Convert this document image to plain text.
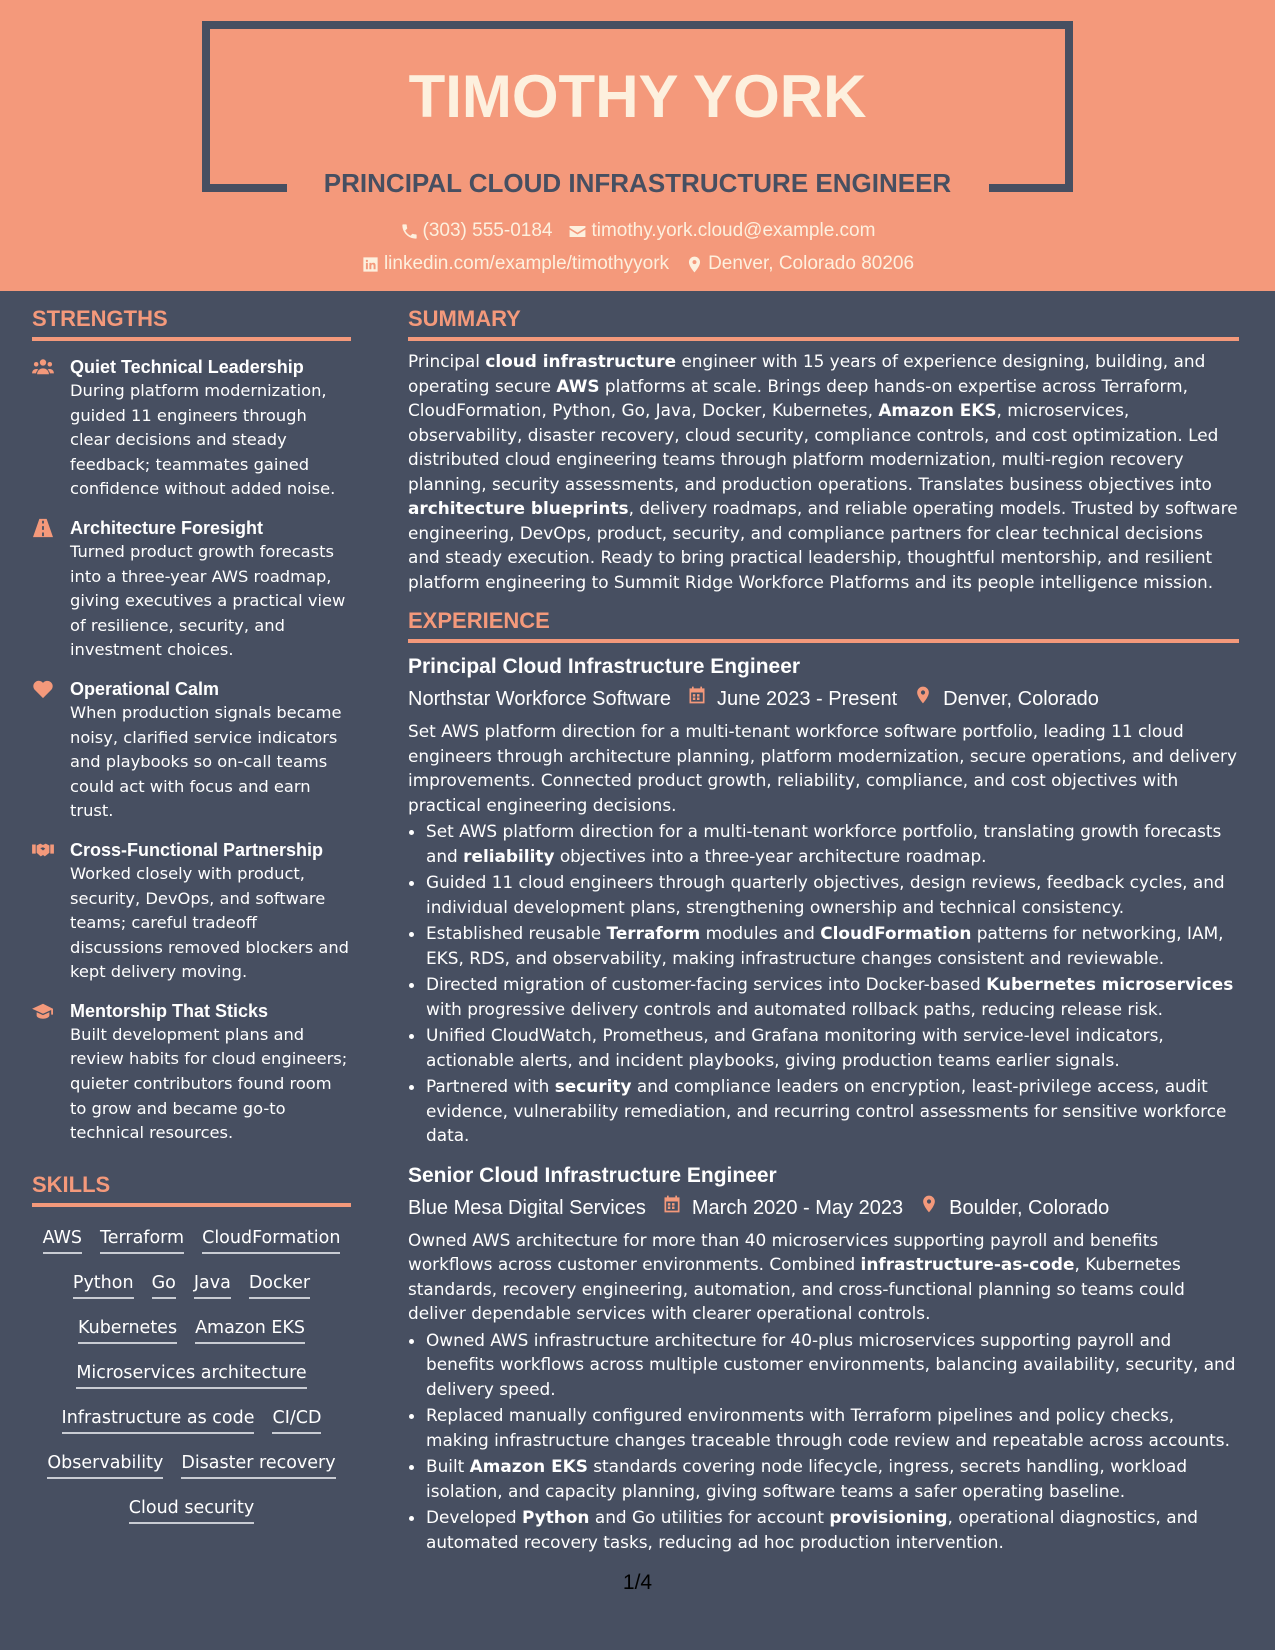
TIMOTHY YORK
PRINCIPAL CLOUD INFRASTRUCTURE ENGINEER
(303) 555-0184 timothy.york.cloud@example.com
linkedin.com/example/timothyyork Denver, Colorado 80206
STRENGTHS
Quiet Technical Leadership
During platform modernization, guided 11 engineers through clear decisions and steady feedback; teammates gained confidence without added noise.
Architecture Foresight
Turned product growth forecasts into a three-year AWS roadmap, giving executives a practical view of resilience, security, and investment choices.
Operational Calm
When production signals became noisy, clarified service indicators and playbooks so on-call teams could act with focus and earn trust.
Cross-Functional Partnership
Worked closely with product, security, DevOps, and software teams; careful tradeoff discussions removed blockers and kept delivery moving.
Mentorship That Sticks
Built development plans and review habits for cloud engineers; quieter contributors found room to grow and became go-to technical resources.
SKILLS
AWS Terraform CloudFormation
Python Go Java Docker
Kubernetes Amazon EKS
Microservices architecture
Infrastructure as code CI/CD
Observability Disaster recovery
Cloud security
SUMMARY
Principal cloud infrastructure engineer with 15 years of experience designing, building, and operating secure AWS platforms at scale. Brings deep hands-on expertise across Terraform, CloudFormation, Python, Go, Java, Docker, Kubernetes, Amazon EKS, microservices, observability, disaster recovery, cloud security, compliance controls, and cost optimization. Led distributed cloud engineering teams through platform modernization, multi-region recovery planning, security assessments, and production operations. Translates business objectives into architecture blueprints, delivery roadmaps, and reliable operating models. Trusted by software engineering, DevOps, product, security, and compliance partners for clear technical decisions and steady execution. Ready to bring practical leadership, thoughtful mentorship, and resilient platform engineering to Summit Ridge Workforce Platforms and its people intelligence mission.
EXPERIENCE
Principal Cloud Infrastructure Engineer
Northstar Workforce Software June 2023 - Present Denver, Colorado
Set AWS platform direction for a multi-tenant workforce software portfolio, leading 11 cloud engineers through architecture planning, platform modernization, secure operations, and delivery improvements. Connected product growth, reliability, compliance, and cost objectives with practical engineering decisions.
• Set AWS platform direction for a multi-tenant workforce portfolio, translating growth forecasts and reliability objectives into a three-year architecture roadmap.
• Guided 11 cloud engineers through quarterly objectives, design reviews, feedback cycles, and individual development plans, strengthening ownership and technical consistency.
• Established reusable Terraform modules and CloudFormation patterns for networking, IAM, EKS, RDS, and observability, making infrastructure changes consistent and reviewable.
• Directed migration of customer-facing services into Docker-based Kubernetes microservices with progressive delivery controls and automated rollback paths, reducing release risk.
• Unified CloudWatch, Prometheus, and Grafana monitoring with service-level indicators, actionable alerts, and incident playbooks, giving production teams earlier signals.
• Partnered with security and compliance leaders on encryption, least-privilege access, audit evidence, vulnerability remediation, and recurring control assessments for sensitive workforce data.
Senior Cloud Infrastructure Engineer
Blue Mesa Digital Services March 2020 - May 2023 Boulder, Colorado
Owned AWS architecture for more than 40 microservices supporting payroll and benefits workflows across customer environments. Combined infrastructure-as-code, Kubernetes standards, recovery engineering, automation, and cross-functional planning so teams could deliver dependable services with clearer operational controls.
• Owned AWS infrastructure architecture for 40-plus microservices supporting payroll and benefits workflows across multiple customer environments, balancing availability, security, and delivery speed.
• Replaced manually configured environments with Terraform pipelines and policy checks, making infrastructure changes traceable through code review and repeatable across accounts.
• Built Amazon EKS standards covering node lifecycle, ingress, secrets handling, workload isolation, and capacity planning, giving software teams a safer operating baseline.
• Developed Python and Go utilities for account provisioning, operational diagnostics, and automated recovery tasks, reducing ad hoc production intervention.
1/4
